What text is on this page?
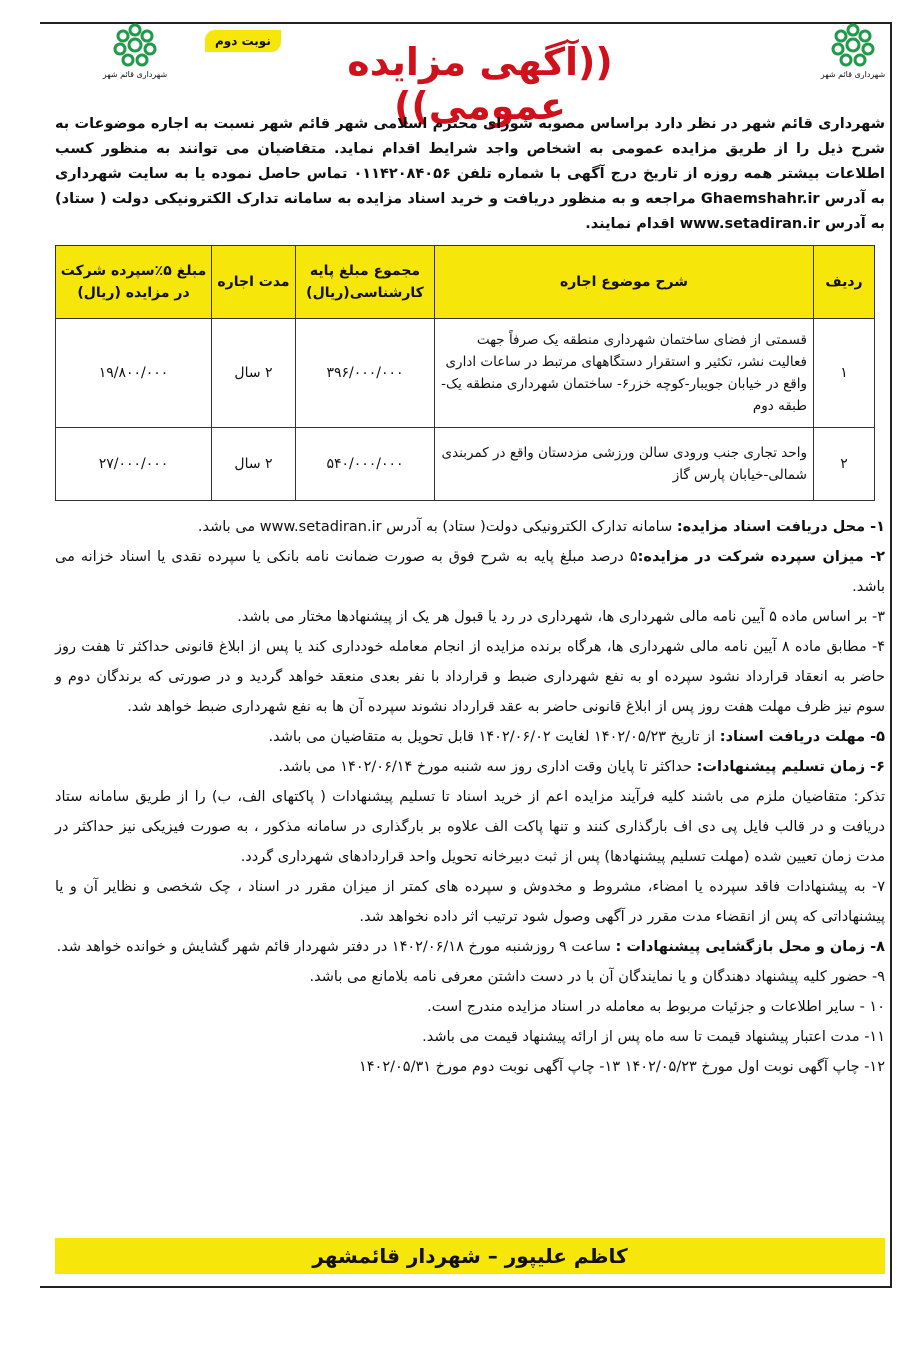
شهرداری قائم شهر
شهرداری قائم شهر
نوبت دوم	((آگهی مزایده عمومی))
شهرداری قائم شهر در نظر دارد براساس مصوبه شورای محترم اسلامی شهر قائم شهر نسبت به اجاره موضوعات به شرح ذیل را از طریق مزایده عمومی به اشخاص واجد شرایط اقدام نماید. متقاضیان می توانند به منظور کسب اطلاعات بیشتر همه روزه از تاریخ درج آگهی با شماره تلفن ۰۱۱۴۲۰۸۴۰۵۶ تماس حاصل نموده یا به سایت شهرداری به آدرس Ghaemshahr.ir مراجعه و به منظور دریافت و خرید اسناد مزایده به سامانه تدارک الکترونیکی دولت ( ستاد) به آدرس www.setadiran.ir اقدام نمایند.
ردیف	شرح موضوع اجاره	مجموع مبلغ پایه کارشناسی(ریال)	مدت اجاره	مبلغ ۵٪سپرده شرکت در مزایده (ریال)
۱	قسمتی از فضای ساختمان شهرداری منطقه یک صرفاً جهت فعالیت نشر، تکثیر و استقرار دستگاههای مرتبط در ساعات اداری واقع در خیابان جویبار-کوچه خزر۶- ساختمان شهرداری منطقه یک-طبقه دوم	۳۹۶/۰۰۰/۰۰۰	۲ سال	۱۹/۸۰۰/۰۰۰
۲	واحد تجاری جنب ورودی سالن ورزشی مزدستان واقع در کمربندی شمالی-خیابان پارس گاز	۵۴۰/۰۰۰/۰۰۰	۲ سال	۲۷/۰۰۰/۰۰۰

۱- محل دریافت اسناد مزایده: سامانه تدارک الکترونیکی دولت( ستاد) به آدرس www.setadiran.ir می باشد.

۲- میزان سپرده شرکت در مزایده:۵ درصد مبلغ پایه به شرح فوق به صورت ضمانت نامه بانکی یا سپرده نقدی یا اسناد خزانه می باشد.

۳- بر اساس ماده ۵ آیین نامه مالی شهرداری ها، شهرداری در رد یا قبول هر یک از پیشنهادها مختار می باشد.

۴- مطابق ماده ۸ آیین نامه مالی شهرداری ها، هرگاه برنده مزایده از انجام معامله خودداری کند یا پس از ابلاغ قانونی حداکثر تا هفت روز حاضر به انعقاد قرارداد نشود سپرده او به نفع شهرداری ضبط و قرارداد با نفر بعدی منعقد خواهد گردید و در صورتی که برندگان دوم و سوم نیز ظرف مهلت هفت روز پس از ابلاغ قانونی حاضر به عقد قرارداد نشوند سپرده آن ها به نفع شهرداری ضبط خواهد شد.

۵- مهلت دریافت اسناد: از تاریخ ۱۴۰۲/۰۵/۲۳ لغایت ۱۴۰۲/۰۶/۰۲ قابل تحویل به متقاضیان می باشد.

۶- زمان تسلیم پیشنهادات: حداکثر تا پایان وقت اداری روز سه شنبه مورخ ۱۴۰۲/۰۶/۱۴ می باشد.

تذکر: متقاضیان ملزم می باشند کلیه فرآیند مزایده اعم از خرید اسناد تا تسلیم پیشنهادات ( پاکتهای الف، ب) را از طریق سامانه ستاد دریافت و در قالب فایل پی دی اف بارگذاری کنند و تنها پاکت الف علاوه بر بارگذاری در سامانه مذکور ، به صورت فیزیکی نیز حداکثر در مدت زمان تعیین شده (مهلت تسلیم پیشنهادها) پس از ثبت دبیرخانه تحویل واحد قراردادهای شهرداری گردد.

۷- به پیشنهادات فاقد سپرده یا امضاء، مشروط و مخدوش و سپرده های کمتر از میزان مقرر در اسناد ، چک شخصی و نظایر آن و یا پیشنهاداتی که پس از انقضاء مدت مقرر در آگهی وصول شود ترتیب اثر داده نخواهد شد.

۸- زمان و محل بازگشایی پیشنهادات : ساعت ۹ روزشنبه مورخ ۱۴۰۲/۰۶/۱۸ در دفتر شهردار قائم شهر گشایش و خوانده خواهد شد.

۹- حضور کلیه پیشنهاد دهندگان و یا نمایندگان آن با در دست داشتن معرفی نامه بلامانع می باشد.

۱۰ - سایر اطلاعات و جزئیات مربوط به معامله در اسناد مزایده مندرج است.

۱۱- مدت اعتبار پیشنهاد قیمت تا سه ماه پس از ارائه پیشنهاد قیمت می باشد.

۱۲- چاپ آگهی نوبت اول مورخ ۱۴۰۲/۰۵/۲۳ ۱۳- چاپ آگهی نوبت دوم مورخ ۱۴۰۲/۰۵/۳۱

کاظم علیپور – شهردار قائمشهر
